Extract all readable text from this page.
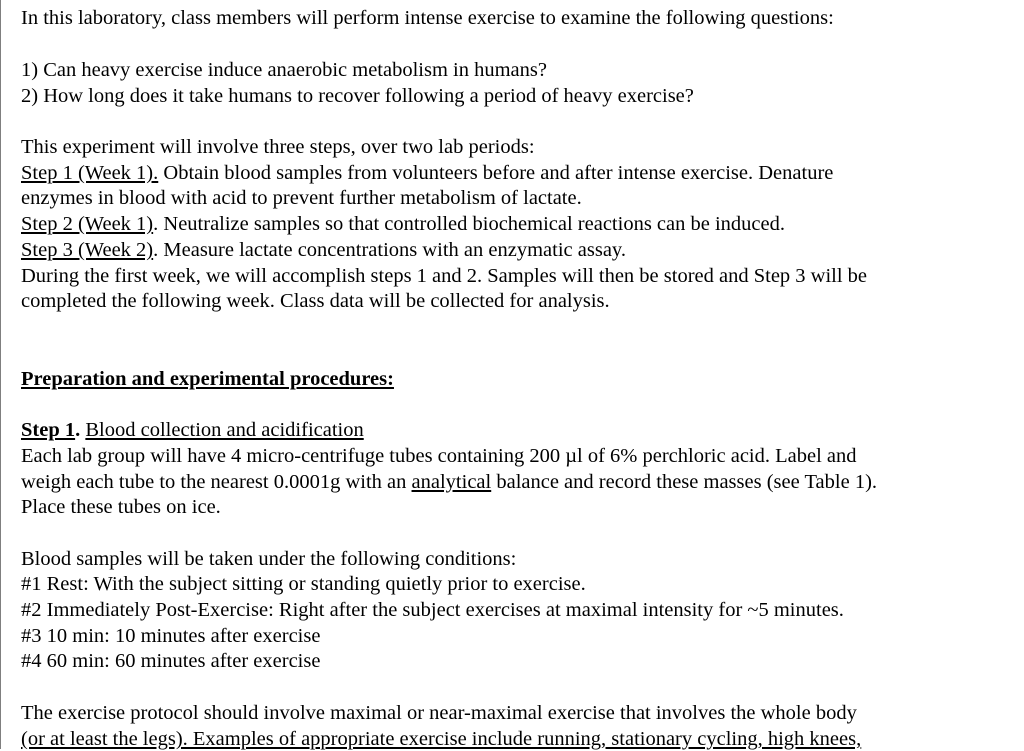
In this laboratory, class members will perform intense exercise to examine the following questions:
1) Can heavy exercise induce anaerobic metabolism in humans?
2) How long does it take humans to recover following a period of heavy exercise?
This experiment will involve three steps, over two lab periods:
Step 1 (Week 1). Obtain blood samples from volunteers before and after intense exercise. Denature
enzymes in blood with acid to prevent further metabolism of lactate.
Step 2 (Week 1). Neutralize samples so that controlled biochemical reactions can be induced.
Step 3 (Week 2). Measure lactate concentrations with an enzymatic assay.
During the first week, we will accomplish steps 1 and 2. Samples will then be stored and Step 3 will be
completed the following week. Class data will be collected for analysis.
Preparation and experimental procedures:
Step 1. Blood collection and acidification
Each lab group will have 4 micro-centrifuge tubes containing 200 µl of 6% perchloric acid. Label and
weigh each tube to the nearest 0.0001g with an analytical balance and record these masses (see Table 1).
Place these tubes on ice.
Blood samples will be taken under the following conditions:
#1 Rest: With the subject sitting or standing quietly prior to exercise.
#2 Immediately Post-Exercise: Right after the subject exercises at maximal intensity for ~5 minutes.
#3 10 min: 10 minutes after exercise
#4 60 min: 60 minutes after exercise
The exercise protocol should involve maximal or near-maximal exercise that involves the whole body
(or at least the legs). Examples of appropriate exercise include running, stationary cycling, high knees,
